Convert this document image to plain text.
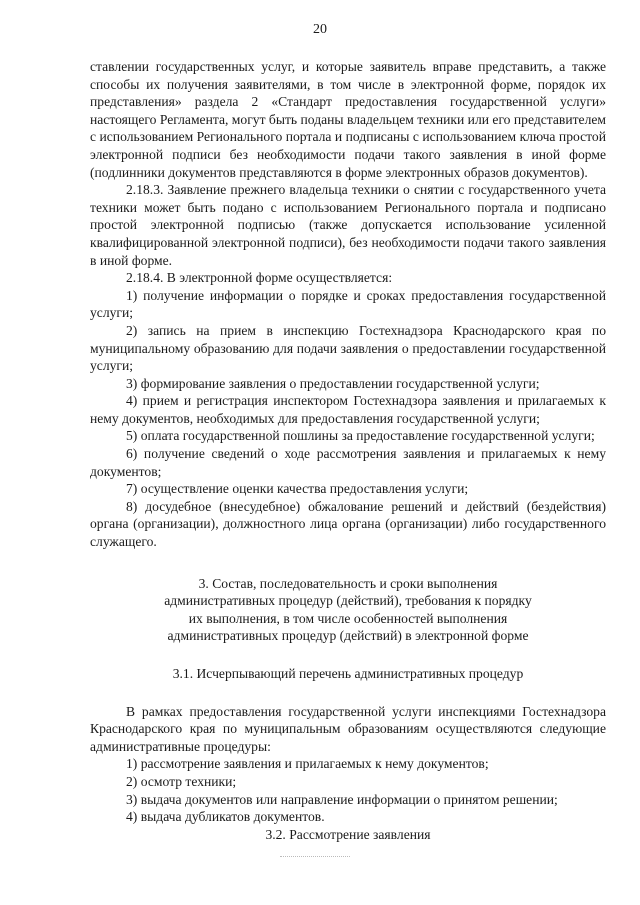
20

ставлении государственных услуг, и которые заявитель вправе представить, а также способы их получения заявителями, в том числе в электронной форме, порядок их представления» раздела 2 «Стандарт предоставления государственной услуги» настоящего Регламента, могут быть поданы владельцем техники или его представителем с использованием Регионального портала и подписаны с использованием ключа простой электронной подписи без необходимости подачи такого заявления в иной форме (подлинники документов представляются в форме электронных образов документов).

2.18.3. Заявление прежнего владельца техники о снятии с государственного учета техники может быть подано с использованием Регионального портала и подписано простой электронной подписью (также допускается использование усиленной квалифицированной электронной подписи), без необходимости подачи такого заявления в иной форме.

2.18.4. В электронной форме осуществляется:

1) получение информации о порядке и сроках предоставления государственной услуги;

2) запись на прием в инспекцию Гостехнадзора Краснодарского края по муниципальному образованию для подачи заявления о предоставлении государственной услуги;

3) формирование заявления о предоставлении государственной услуги;

4) прием и регистрация инспектором Гостехнадзора заявления и прилагаемых к нему документов, необходимых для предоставления государственной услуги;

5) оплата государственной пошлины за предоставление государственной услуги;

6) получение сведений о ходе рассмотрения заявления и прилагаемых к нему документов;

7) осуществление оценки качества предоставления услуги;

8) досудебное (внесудебное) обжалование решений и действий (бездействия) органа (организации), должностного лица органа (организации) либо государственного служащего.

3. Состав, последовательность и сроки выполнения

административных процедур (действий), требования к порядку

их выполнения, в том числе особенностей выполнения

административных процедур (действий) в электронной форме

3.1. Исчерпывающий перечень административных процедур

В рамках предоставления государственной услуги инспекциями Гостехнадзора Краснодарского края по муниципальным образованиям осуществляются следующие административные процедуры:

1) рассмотрение заявления и прилагаемых к нему документов;

2) осмотр техники;

3) выдача документов или направление информации о принятом решении;

4) выдача дубликатов документов.

3.2. Рассмотрение заявления
